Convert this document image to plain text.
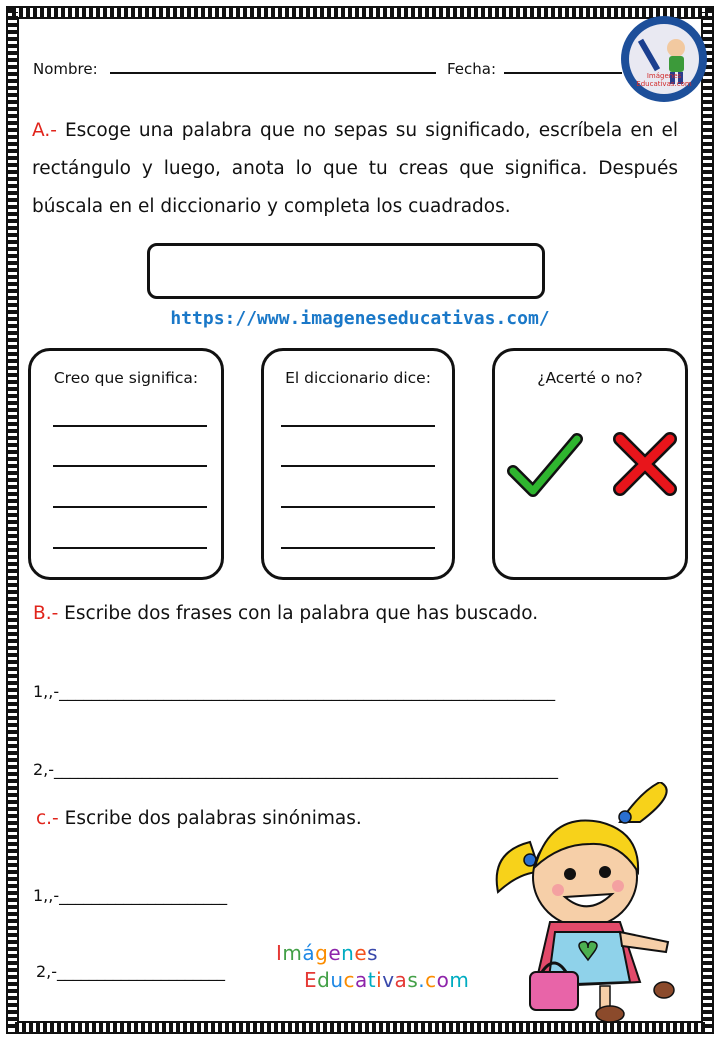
Nombre:	Fecha:	Imágenes Educativas.com
A.- Escoge una palabra que no sepas su significado, escríbela en el rectángulo y luego, anota lo que tu creas que significa. Después búscala en el diccionario y completa los cuadrados.
https://www.imageneseducativas.com/
Creo que significa:	El diccionario dice:	¿Acerté o no?
B.- Escribe dos frases con la palabra que has buscado.
1,,-______________________________________________________________
2,-_______________________________________________________________
c.- Escribe dos palabras sinónimas.
1,,-_____________________
2,-_____________________
Imágenes
Educativas.com
